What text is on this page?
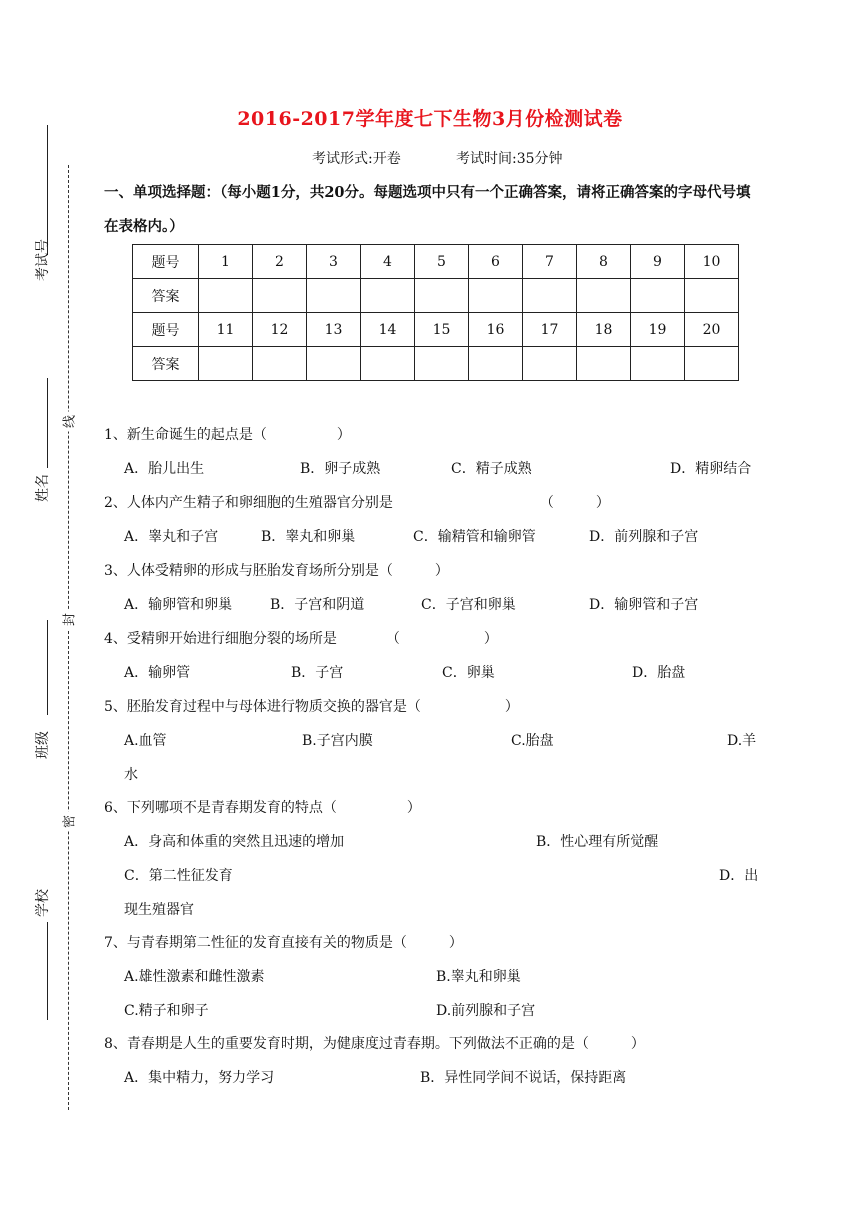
考试号
姓名
班级
学校
线
封
密
2016-2017学年度七下生物3月份检测试卷
考试形式:开卷	考试时间:35分钟
一、单项选择题：（每小题1分，共20分。每题选项中只有一个正确答案，请将正确答案的字母代号填在表格内。）
题号	1	2	3	4	5	6	7	8	9	10
答案										
题号	11	12	13	14	15	16	17	18	19	20
答案										
1、新生命诞生的起点是（　　　　　）
A．胎儿出生	B．卵子成熟	C．精子成熟	D．精卵结合
2、人体内产生精子和卵细胞的生殖器官分别是　　　　　　　　　　　（　　　）
A．睾丸和子宫	B．睾丸和卵巢	C．输精管和输卵管	D．前列腺和子宫
3、人体受精卵的形成与胚胎发育场所分别是（　　　）
A．输卵管和卵巢	B．子宫和阴道	C．子宫和卵巢	D．输卵管和子宫
4、受精卵开始进行细胞分裂的场所是　　　　（　　　　　　）
A．输卵管	B．子宫	C．卵巢	D．胎盘
5、胚胎发育过程中与母体进行物质交换的器官是（　　　　　　）
A.血管	B.子宫内膜	C.胎盘	D.羊
水
6、下列哪项不是青春期发育的特点（　　　　　）
A．身高和体重的突然且迅速的增加	B．性心理有所觉醒
C．第二性征发育	D．出
现生殖器官
7、与青春期第二性征的发育直接有关的物质是（　　　）
A.雄性激素和雌性激素	B.睾丸和卵巢
C.精子和卵子	D.前列腺和子宫
8、青春期是人生的重要发育时期，为健康度过青春期。下列做法不正确的是（　　　）
A．集中精力，努力学习	B．异性同学间不说话，保持距离
